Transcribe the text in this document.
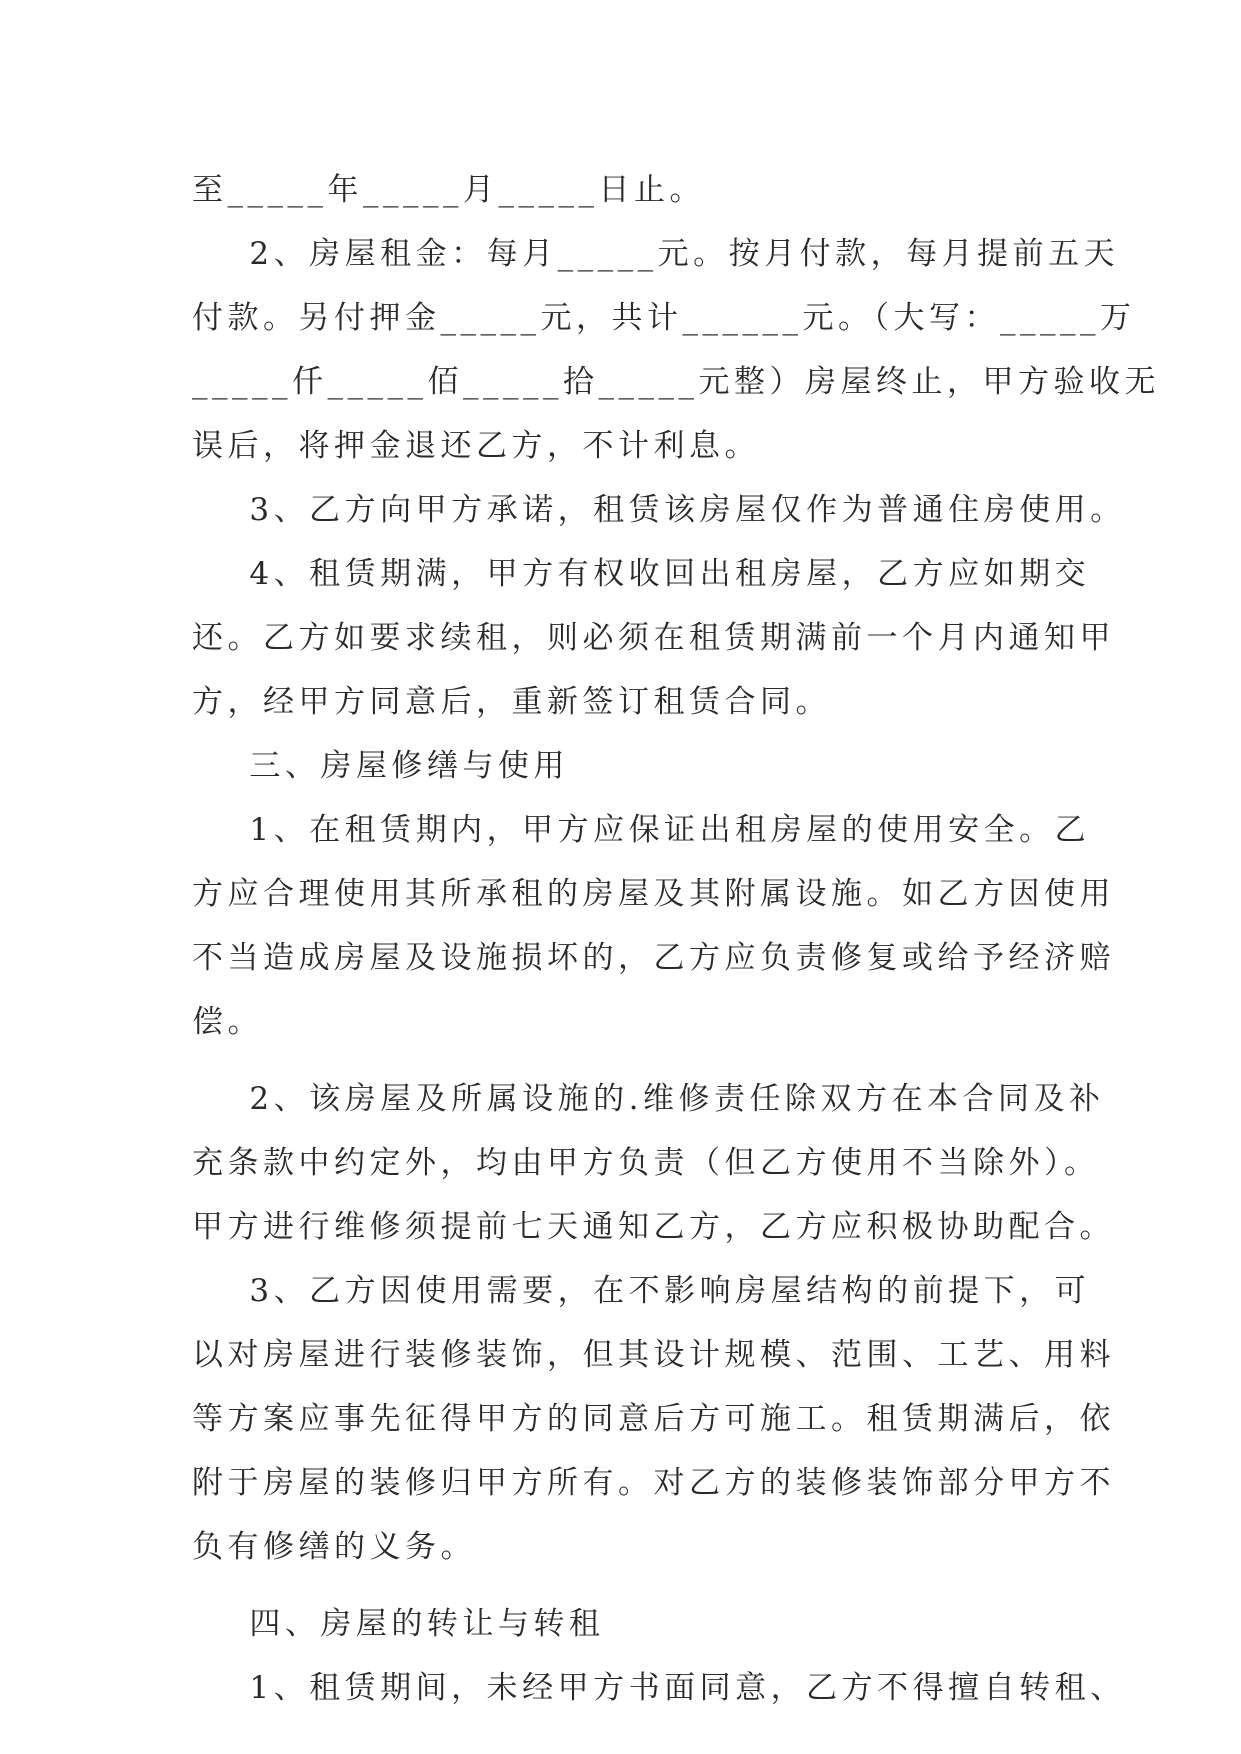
至_____年_____月_____日止。
2、房屋租金：每月_____元。按月付款，每月提前五天
付款。另付押金_____元，共计______元。（大写：_____万
_____仟_____佰_____拾_____元整）房屋终止，甲方验收无
误后，将押金退还乙方，不计利息。
3、乙方向甲方承诺，租赁该房屋仅作为普通住房使用。
4、租赁期满，甲方有权收回出租房屋，乙方应如期交
还。乙方如要求续租，则必须在租赁期满前一个月内通知甲
方，经甲方同意后，重新签订租赁合同。
三、房屋修缮与使用
1、在租赁期内，甲方应保证出租房屋的使用安全。乙
方应合理使用其所承租的房屋及其附属设施。如乙方因使用
不当造成房屋及设施损坏的，乙方应负责修复或给予经济赔
偿。
2、该房屋及所属设施的.维修责任除双方在本合同及补
充条款中约定外，均由甲方负责（但乙方使用不当除外）。
甲方进行维修须提前七天通知乙方，乙方应积极协助配合。
3、乙方因使用需要，在不影响房屋结构的前提下，可
以对房屋进行装修装饰，但其设计规模、范围、工艺、用料
等方案应事先征得甲方的同意后方可施工。租赁期满后，依
附于房屋的装修归甲方所有。对乙方的装修装饰部分甲方不
负有修缮的义务。
四、房屋的转让与转租
1、租赁期间，未经甲方书面同意，乙方不得擅自转租、
